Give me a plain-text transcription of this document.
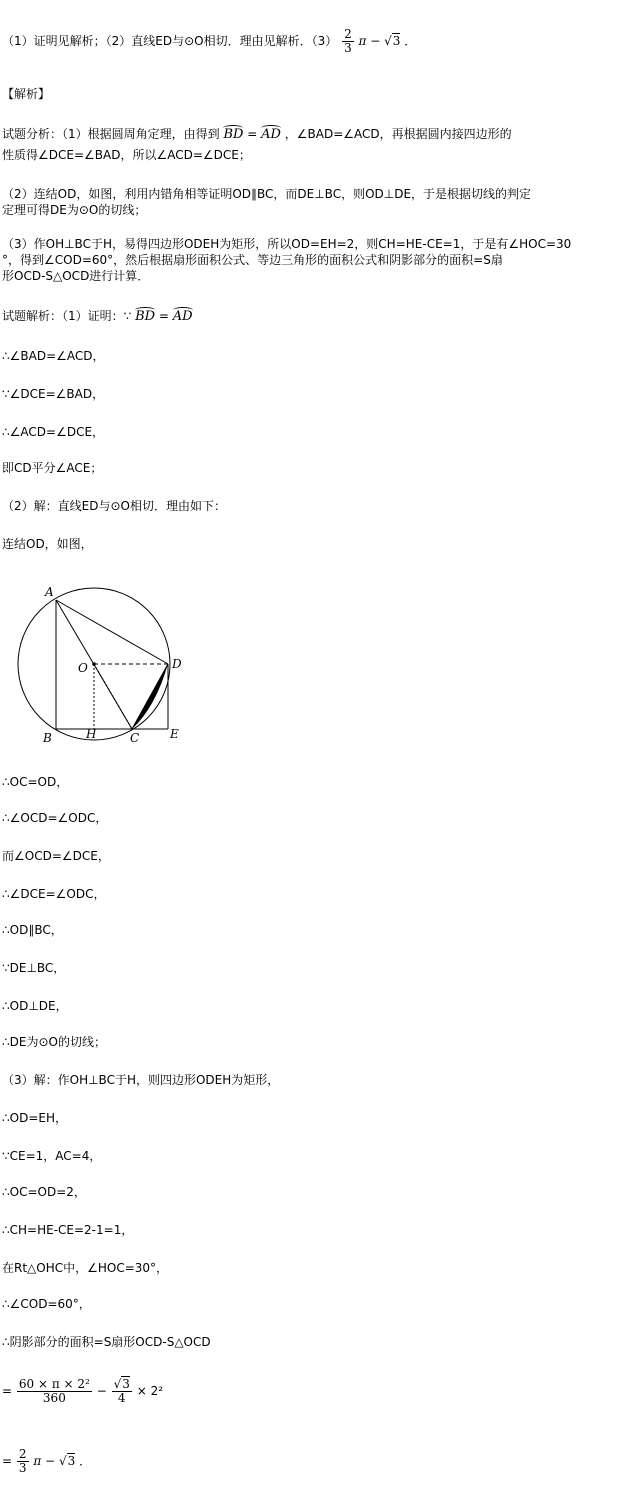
（1）证明见解析；（2）直线ED与⊙O相切．理由见解析．$(3) \frac{2}{3}$ π − √3 ．
【解析】
试题分析：（1）根据圆周角定理，由得到 BD = AD ，∠BAD=∠ACD，再根据圆内接四边形的
性质得∠DCE=∠BAD，所以∠ACD=∠DCE；
（2）连结OD，如图，利用内错角相等证明OD∥BC，而DE⊥BC，则OD⊥DE，于是根据切线的判定
定理可得DE为⊙O的切线；
（3）作OH⊥BC于H，易得四边形ODEH为矩形，所以OD=EH=2，则CH=HE-CE=1，于是有∠HOC=30
°，得到∠COD=60°，然后根据扇形面积公式、等边三角形的面积公式和阴影部分的面积=S扇
形OCD-S△OCD进行计算．
试题解析：（1）证明：∵ BD = AD
∴∠BAD=∠ACD，
∵∠DCE=∠BAD，
∴∠ACD=∠DCE，
即CD平分∠ACE；
（2）解：直线ED与⊙O相切．理由如下：
连结OD，如图，
A
O	D
B	H	C	E
∴OC=OD，
∴∠OCD=∠ODC，
而∠OCD=∠DCE，
∴∠DCE=∠ODC，
∴OD∥BC，
∵DE⊥BC，
∴OD⊥DE，
∴DE为⊙O的切线；
（3）解：作OH⊥BC于H，则四边形ODEH为矩形，
∴OD=EH，
∵CE=1，AC=4，
∴OC=OD=2，
∴CH=HE-CE=2-1=1，
在Rt△OHC中，∠HOC=30°，
∴∠COD=60°，
∴阴影部分的面积=S扇形OCD-S△OCD
= $\frac{\text{60 × π × 2²}}{360} - \frac{√3}{4} \times 2^2$
= $\frac{2}{3}$ π − √3 ．
